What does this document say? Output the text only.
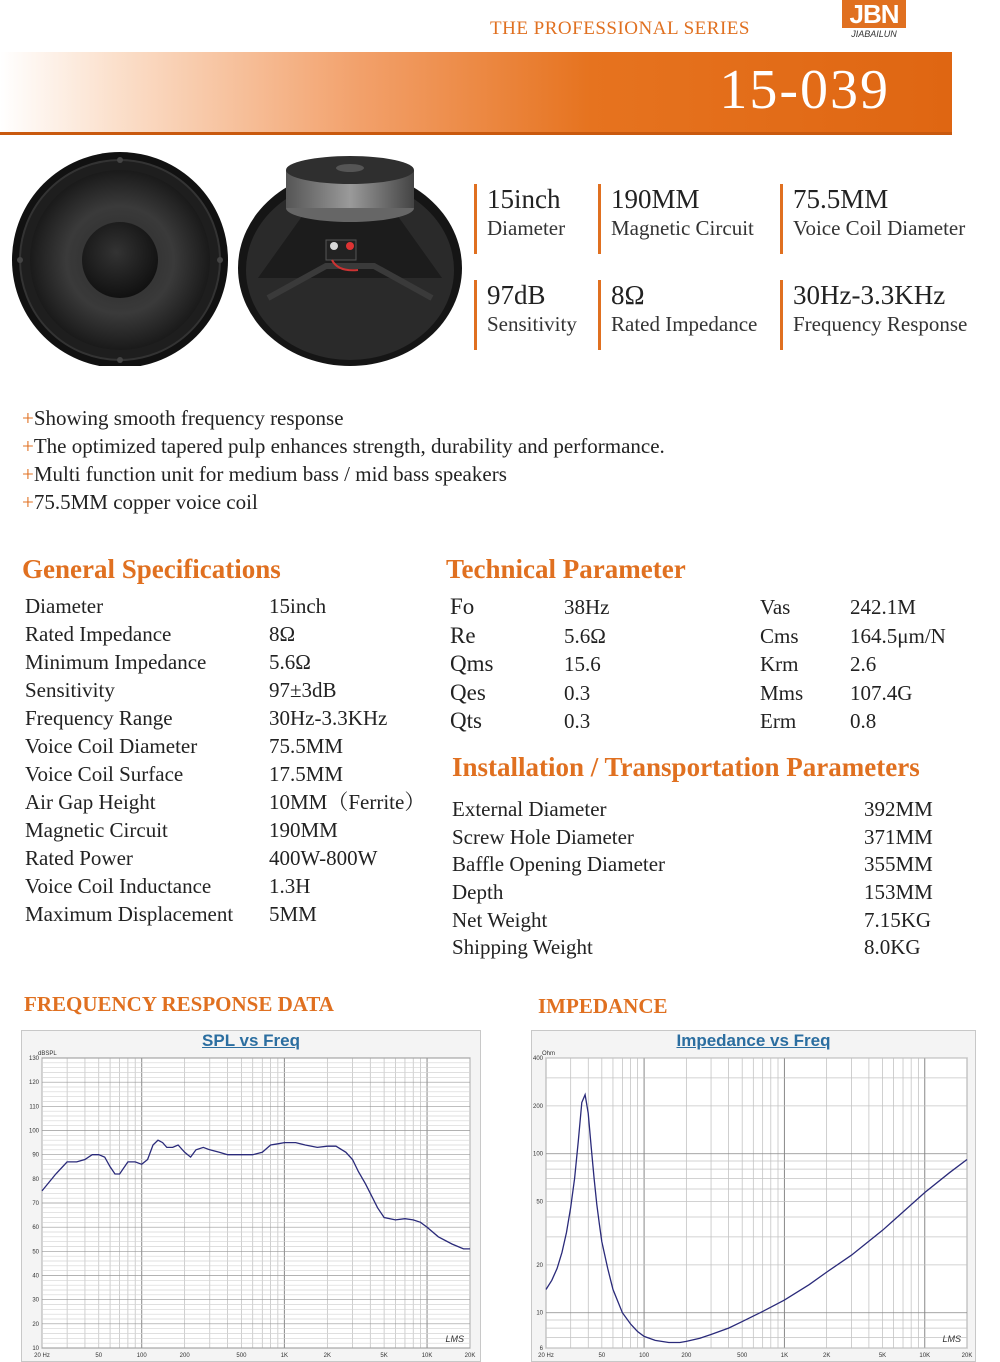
THE PROFESSIONAL SERIES	JBN
JIABAILUN
15-039
15inch
Diameter
190MM
Magnetic Circuit
75.5MM
Voice Coil Diameter
97dB
Sensitivity
8Ω
Rated Impedance
30Hz-3.3KHz
Frequency Response
+Showing smooth frequency response
+The optimized tapered pulp enhances strength, durability and performance.
+Multi function unit for medium bass / mid bass speakers
+75.5MM copper voice coil
General Specifications
Diameter	15inch
Rated Impedance	8Ω
Minimum Impedance	5.6Ω
Sensitivity	97±3dB
Frequency Range	30Hz-3.3KHz
Voice Coil Diameter	75.5MM
Voice Coil Surface	17.5MM
Air Gap Height	10MM（Ferrite）
Magnetic Circuit	190MM
Rated Power	400W-800W
Voice Coil Inductance	1.3H
Maximum Displacement 5MM
Technical Parameter
Fo	38Hz	Vas	242.1M
Re	5.6Ω	Cms 164.5μm/N
Qms	15.6	Krm 2.6
Qes	0.3	Mms 107.4G
Qts	0.3	Erm	0.8
Installation / Transportation Parameters
External Diameter	392MM
Screw Hole Diameter	371MM
Baffle Opening Diameter	355MM
Depth	153MM
Net Weight	7.15KG
Shipping Weight	8.0KG
FREQUENCY RESPONSE DATA	IMPEDANCE
SPL vs Freq
10
20
30
40
50
60
70
80
90
100
110
120
130
dBSPL
20 Hz	50	100	200	500	1K	2K	5K	10K	20K
LMS
Impedance vs Freq
6
10
20
50
100
200
400
Ohm
20 Hz	50	100	200	500	1K	2K	5K	10K	20K
LMS
